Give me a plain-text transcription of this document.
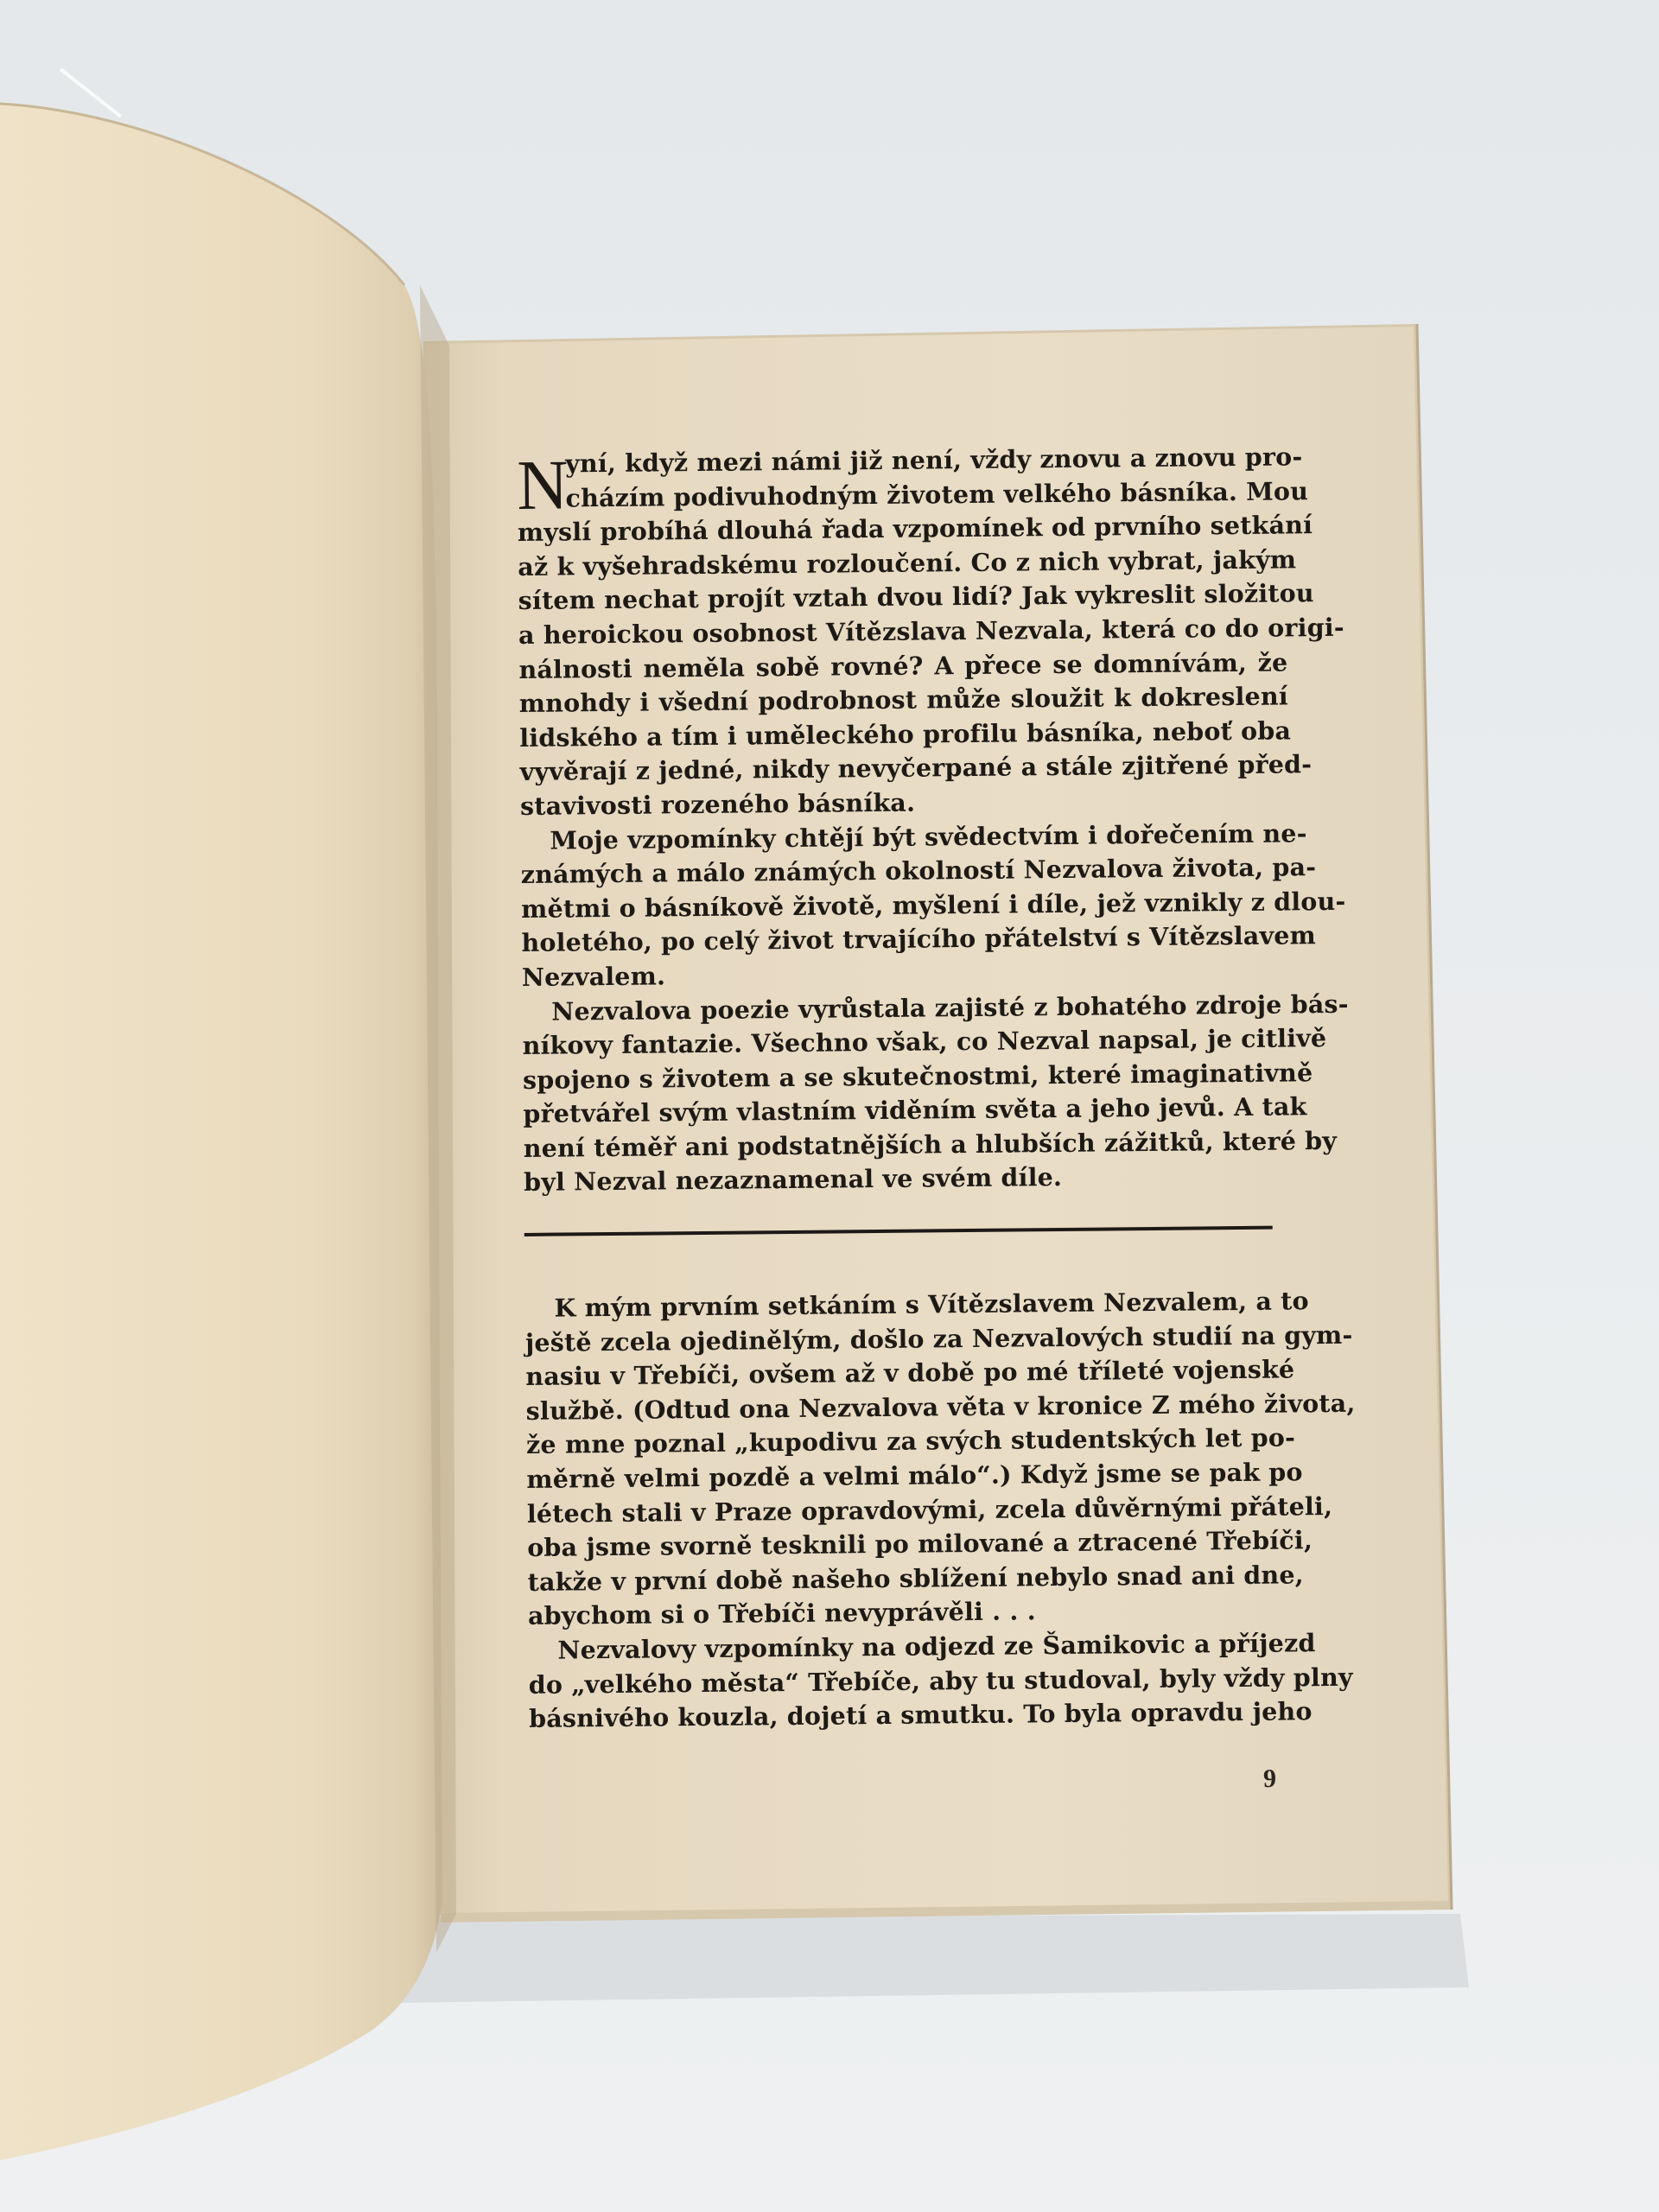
N
yní, když mezi námi již není, vždy znovu a znovu pro-
cházím podivuhodným životem velkého básníka. Mou
myslí probíhá dlouhá řada vzpomínek od prvního setkání
až k vyšehradskému rozloučení. Co z nich vybrat, jakým
sítem nechat projít vztah dvou lidí? Jak vykreslit složitou
a heroickou osobnost Vítězslava Nezvala, která co do origi-
nálnosti neměla sobě rovné? A přece se domnívám, že
mnohdy i všední podrobnost může sloužit k dokreslení
lidského a tím i uměleckého profilu básníka, neboť oba
vyvěrají z jedné, nikdy nevyčerpané a stále zjitřené před-
stavivosti rozeného básníka.
Moje vzpomínky chtějí být svědectvím i dořečením ne-
známých a málo známých okolností Nezvalova života, pa-
mětmi o básníkově životě, myšlení i díle, jež vznikly z dlou-
holetého, po celý život trvajícího přátelství s Vítězslavem
Nezvalem.
Nezvalova poezie vyrůstala zajisté z bohatého zdroje bás-
níkovy fantazie. Všechno však, co Nezval napsal, je citlivě
spojeno s životem a se skutečnostmi, které imaginativně
přetvářel svým vlastním viděním světa a jeho jevů. A tak
není téměř ani podstatnějších a hlubších zážitků, které by
byl Nezval nezaznamenal ve svém díle.
K mým prvním setkáním s Vítězslavem Nezvalem, a to
ještě zcela ojedinělým, došlo za Nezvalových studií na gym-
nasiu v Třebíči, ovšem až v době po mé tříleté vojenské
službě. (Odtud ona Nezvalova věta v kronice Z mého života,
že mne poznal „kupodivu za svých studentských let po-
měrně velmi pozdě a velmi málo“.) Když jsme se pak po
létech stali v Praze opravdovými, zcela důvěrnými přáteli,
oba jsme svorně tesknili po milované a ztracené Třebíči,
takže v první době našeho sblížení nebylo snad ani dne,
abychom si o Třebíči nevyprávěli . . .
Nezvalovy vzpomínky na odjezd ze Šamikovic a příjezd
do „velkého města“ Třebíče, aby tu studoval, byly vždy plny
básnivého kouzla, dojetí a smutku. To byla opravdu jeho
9
